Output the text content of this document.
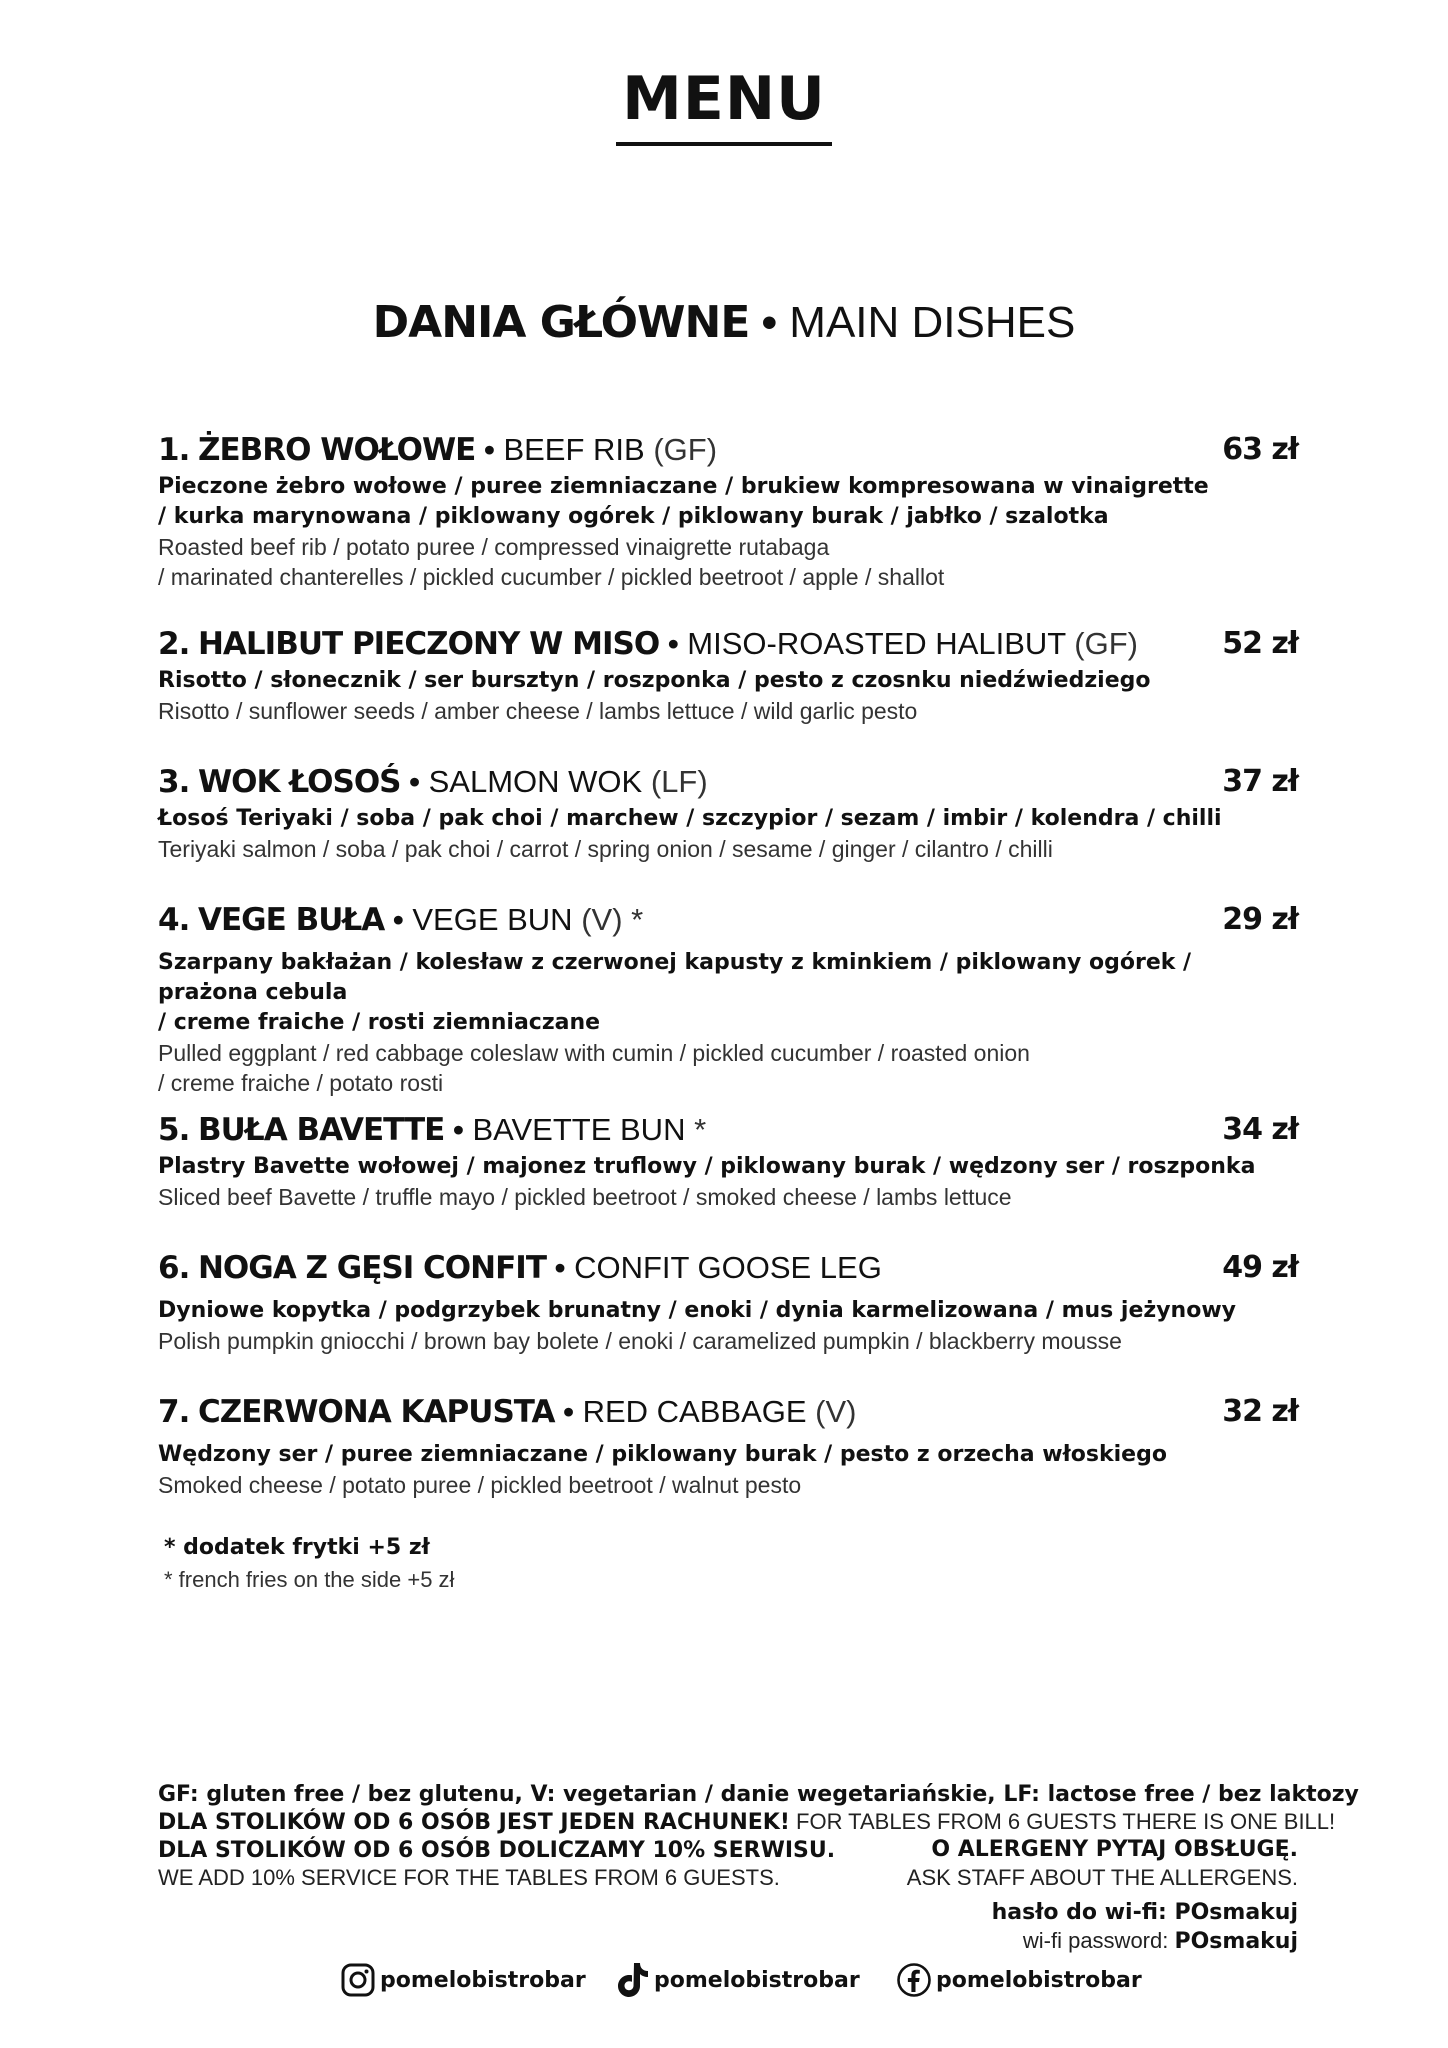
MENU
DANIA GŁÓWNE • MAIN DISHES
1. ŻEBRO WOŁOWE • BEEF RIB (GF)	63 zł
Pieczone żebro wołowe / puree ziemniaczane / brukiew kompresowana w vinaigrette
/ kurka marynowana / piklowany ogórek / piklowany burak / jabłko / szalotka
Roasted beef rib / potato puree / compressed vinaigrette rutabaga
/ marinated chanterelles / pickled cucumber / pickled beetroot / apple / shallot
2. HALIBUT PIECZONY W MISO • MISO-ROASTED HALIBUT (GF)	52 zł
Risotto / słonecznik / ser bursztyn / roszponka / pesto z czosnku niedźwiedziego
Risotto / sunflower seeds / amber cheese / lambs lettuce / wild garlic pesto
3. WOK ŁOSOŚ • SALMON WOK (LF)	37 zł
Łosoś Teriyaki / soba / pak choi / marchew / szczypior / sezam / imbir / kolendra / chilli
Teriyaki salmon / soba / pak choi / carrot / spring onion / sesame / ginger / cilantro / chilli
4. VEGE BUŁA • VEGE BUN (V) *	29 zł
Szarpany bakłażan / kolesław z czerwonej kapusty z kminkiem / piklowany ogórek / prażona cebula
/ creme fraiche / rosti ziemniaczane
Pulled eggplant / red cabbage coleslaw with cumin / pickled cucumber / roasted onion
/ creme fraiche / potato rosti
5. BUŁA BAVETTE • BAVETTE BUN *	34 zł
Plastry Bavette wołowej / majonez truflowy / piklowany burak / wędzony ser / roszponka
Sliced beef Bavette / truffle mayo / pickled beetroot / smoked cheese / lambs lettuce
6. NOGA Z GĘSI CONFIT • CONFIT GOOSE LEG	49 zł
Dyniowe kopytka / podgrzybek brunatny / enoki / dynia karmelizowana / mus jeżynowy
Polish pumpkin gniocchi / brown bay bolete / enoki / caramelized pumpkin / blackberry mousse
7. CZERWONA KAPUSTA • RED CABBAGE (V)	32 zł
Wędzony ser / puree ziemniaczane / piklowany burak / pesto z orzecha włoskiego
Smoked cheese / potato puree / pickled beetroot / walnut pesto
* dodatek frytki +5 zł
* french fries on the side +5 zł
GF: gluten free / bez glutenu, V: vegetarian / danie wegetariańskie, LF: lactose free / bez laktozy
DLA STOLIKÓW OD 6 OSÓB JEST JEDEN RACHUNEK! FOR TABLES FROM 6 GUESTS THERE IS ONE BILL!
DLA STOLIKÓW OD 6 OSÓB DOLICZAMY 10% SERWISU.	O ALERGENY PYTAJ OBSŁUGĘ.
WE ADD 10% SERVICE FOR THE TABLES FROM 6 GUESTS.	ASK STAFF ABOUT THE ALLERGENS.
hasło do wi-fi: POsmakuj
wi-fi password: POsmakuj
pomelobistrobar	pomelobistrobar	pomelobistrobar
